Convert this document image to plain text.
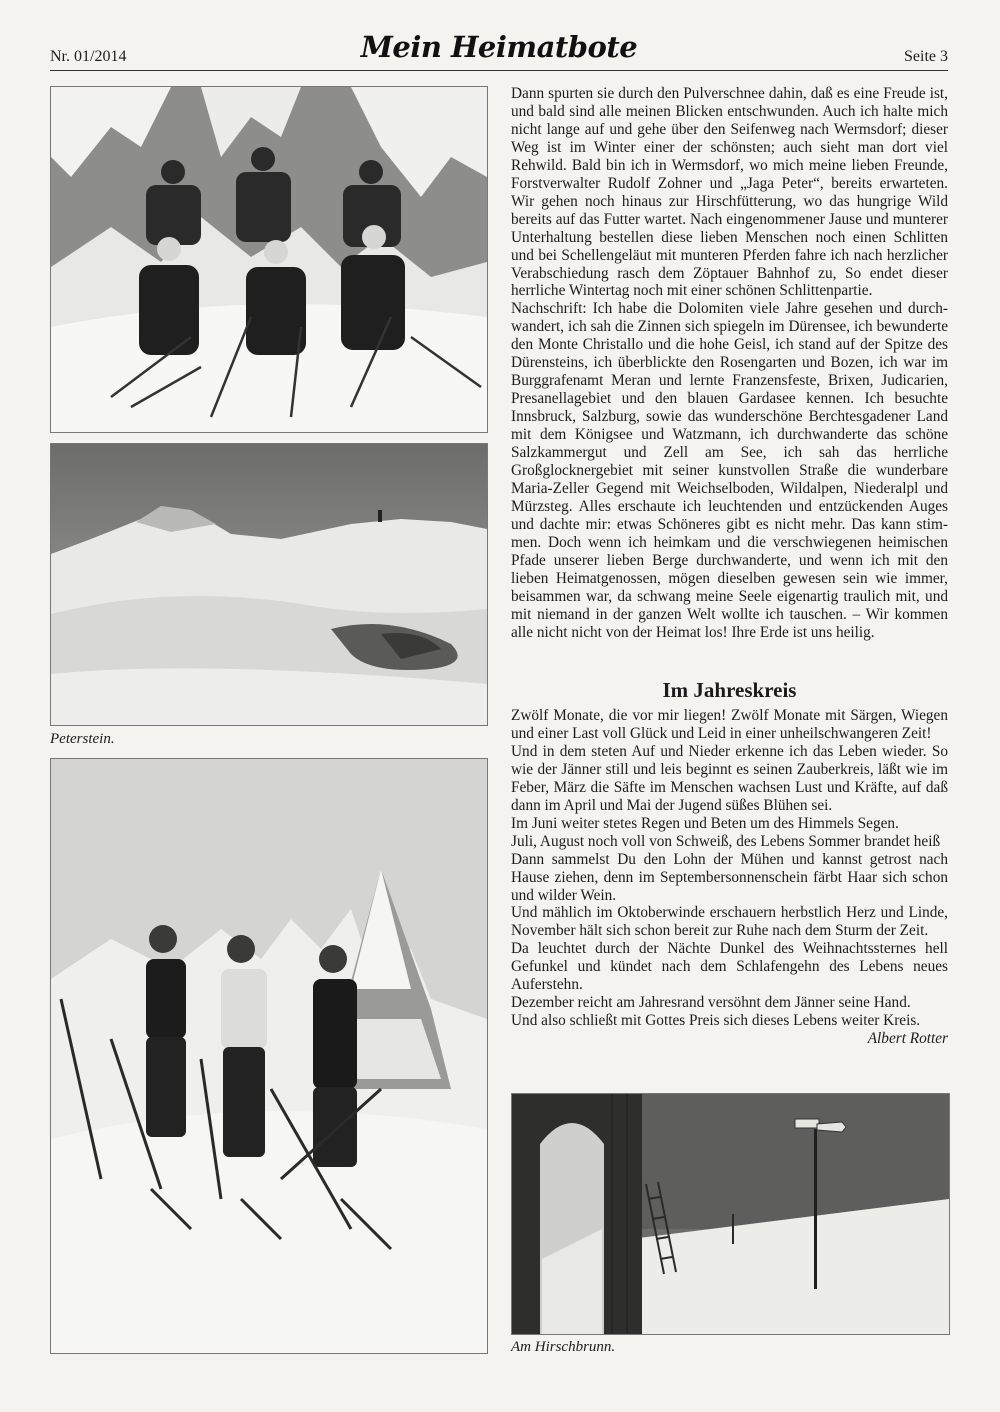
Nr. 01/2014	Mein Heimatbote	Seite 3
Peterstein.

Dann spurten sie durch den Pulverschnee dahin, daß es eine Freude ist, und bald sind alle meinen Blicken entschwunden. Auch ich halte mich nicht lange auf und gehe über den Seifenweg nach Wermsdorf; dieser Weg ist im Winter einer der schönsten; auch sieht man dort viel Rehwild. Bald bin ich in Wermsdorf, wo mich meine lieben Freunde, Forstverwalter Rudolf Zohner und „Jaga Peter“, bereits erwarteten. Wir gehen noch hinaus zur Hirschfütterung, wo das hungrige Wild bereits auf das Futter wartet. Nach eingenommener Jause und munterer Unterhaltung bestellen diese lieben Menschen noch einen Schlitten und bei Schellengeläut mit munteren Pferden fahre ich nach herzlicher Verabschiedung rasch dem Zöptauer Bahnhof zu, So endet dieser herrliche Wintertag noch mit einer schönen Schlittenpartie.

Nachschrift: Ich habe die Dolomiten viele Jahre gesehen und durchwandert, ich sah die Zinnen sich spiegeln im Dürensee, ich bewunderte den Monte Christallo und die hohe Geisl, ich stand auf der Spitze des Dürensteins, ich überblickte den Rosengarten und Bozen, ich war im Burggrafenamt Meran und lernte Franzensfeste, Brixen, Judicarien, Presanellagebiet und den blauen Gardasee kennen. Ich besuchte Innsbruck, Salzburg, sowie das wunderschöne Berchtesgadener Land mit dem Königsee und Watzmann, ich durchwanderte das schöne Salzkammergut und Zell am See, ich sah das herrliche Großglocknergebiet mit seiner kunstvollen Straße die wunderbare Maria-Zeller Gegend mit Weichselboden, Wildalpen, Niederalpl und Mürzsteg. Alles erschaute ich leuchtenden und entzückenden Auges und dachte mir: etwas Schöneres gibt es nicht mehr. Das kann stimmen. Doch wenn ich heimkam und die verschwiegenen heimischen Pfade unserer lieben Berge durchwanderte, und wenn ich mit den lieben Heimatgenossen, mögen dieselben gewesen sein wie immer, beisammen war, da schwang meine Seele eigenartig traulich mit, und mit niemand in der ganzen Welt wollte ich tauschen. – Wir kommen alle nicht nicht von der Heimat los! Ihre Erde ist uns heilig.

Im Jahreskreis

Zwölf Monate, die vor mir liegen! Zwölf Monate mit Särgen, Wiegen und einer Last voll Glück und Leid in einer unheilschwangeren Zeit!

Und in dem steten Auf und Nieder erkenne ich das Leben wieder. So wie der Jänner still und leis beginnt es seinen Zauberkreis, läßt wie im Feber, März die Säfte im Menschen wachsen Lust und Kräfte, auf daß dann im April und Mai der Jugend süßes Blühen sei.

Im Juni weiter stetes Regen und Beten um des Himmels Segen.

Juli, August noch voll von Schweiß, des Lebens Sommer brandet heiß

Dann sammelst Du den Lohn der Mühen und kannst getrost nach Hause ziehen, denn im Septembersonnenschein färbt Haar sich schon und wilder Wein.

Und mählich im Oktoberwinde erschauern herbstlich Herz und Linde, November hält sich schon bereit zur Ruhe nach dem Sturm der Zeit.

Da leuchtet durch der Nächte Dunkel des Weihnachtssternes hell Gefunkel und kündet nach dem Schlafengehn des Lebens neues Auferstehn.

Dezember reicht am Jahresrand versöhnt dem Jänner seine Hand.

Und also schließt mit Gottes Preis sich dieses Lebens weiter Kreis.

Albert Rotter

Am Hirschbrunn.
